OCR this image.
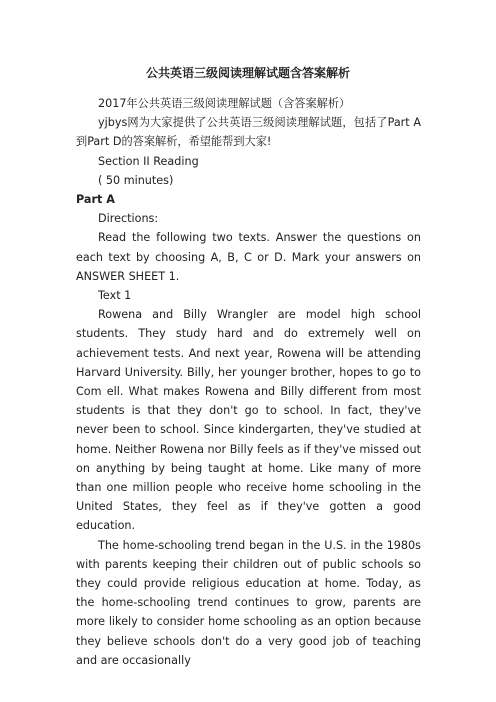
公共英语三级阅读理解试题含答案解析

2017年公共英语三级阅读理解试题（含答案解析）

yjbys网为大家提供了公共英语三级阅读理解试题，包括了Part A到Part D的答案解析，希望能帮到大家!

Section II Reading

( 50 minutes)

Part A

Directions:

Read the following two texts. Answer the questions on each text by choosing A, B, C or D. Mark your answers on ANSWER SHEET 1.

Text 1

Rowena and Billy Wrangler are model high school students. They study hard and do extremely well on achievement tests. And next year, Rowena will be attending Harvard University. Billy, her younger brother, hopes to go to Com ell. What makes Rowena and Billy different from most students is that they don't go to school. In fact, they've never been to school. Since kindergarten, they've studied at home. Neither Rowena nor Billy feels as if they've missed out on anything by being taught at home. Like many of more than one million people who receive home schooling in the United States, they feel as if they've gotten a good education.

The home-schooling trend began in the U.S. in the 1980s with parents keeping their children out of public schools so they could provide religious education at home. Today, as the home-schooling trend continues to grow, parents are more likely to consider home schooling as an option because they believe schools don't do a very good job of teaching and are occasionally
